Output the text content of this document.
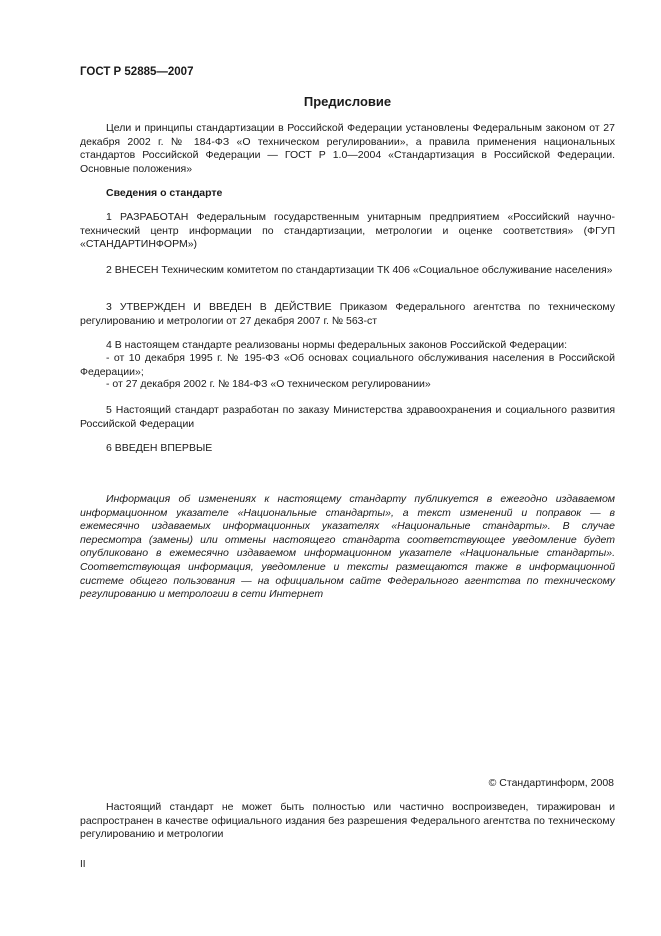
ГОСТ Р 52885—2007
Предисловие

Цели и принципы стандартизации в Российской Федерации установлены Федеральным законом от 27 декабря 2002 г. № 184-ФЗ «О техническом регулировании», а правила применения национальных стандартов Российской Федерации — ГОСТ Р 1.0—2004 «Стандартизация в Российской Федерации. Основные положения»

Сведения о стандарте

1 РАЗРАБОТАН Федеральным государственным унитарным предприятием «Российский научно-технический центр информации по стандартизации, метрологии и оценке соответствия» (ФГУП «СТАНДАРТИНФОРМ»)

2 ВНЕСЕН Техническим комитетом по стандартизации ТК 406 «Социальное обслуживание населения»

3 УТВЕРЖДЕН И ВВЕДЕН В ДЕЙСТВИЕ Приказом Федерального агентства по техническому регулированию и метрологии от 27 декабря 2007 г. № 563-ст

4 В настоящем стандарте реализованы нормы федеральных законов Российской Федерации:

- от 10 декабря 1995 г. № 195-ФЗ «Об основах социального обслуживания населения в Российской Федерации»;

- от 27 декабря 2002 г. № 184-ФЗ «О техническом регулировании»

5 Настоящий стандарт разработан по заказу Министерства здравоохранения и социального развития Российской Федерации

6 ВВЕДЕН ВПЕРВЫЕ

Информация об изменениях к настоящему стандарту публикуется в ежегодно издаваемом информационном указателе «Национальные стандарты», а текст изменений и поправок — в ежемесячно издаваемых информационных указателях «Национальные стандарты». В случае пересмотра (замены) или отмены настоящего стандарта соответствующее уведомление будет опубликовано в ежемесячно издаваемом информационном указателе «Национальные стандарты». Соответствующая информация, уведомление и тексты размещаются также в информационной системе общего пользования — на официальном сайте Федерального агентства по техническому регулированию и метрологии в сети Интернет

© Стандартинформ, 2008

Настоящий стандарт не может быть полностью или частично воспроизведен, тиражирован и распространен в качестве официального издания без разрешения Федерального агентства по техническому регулированию и метрологии

II
